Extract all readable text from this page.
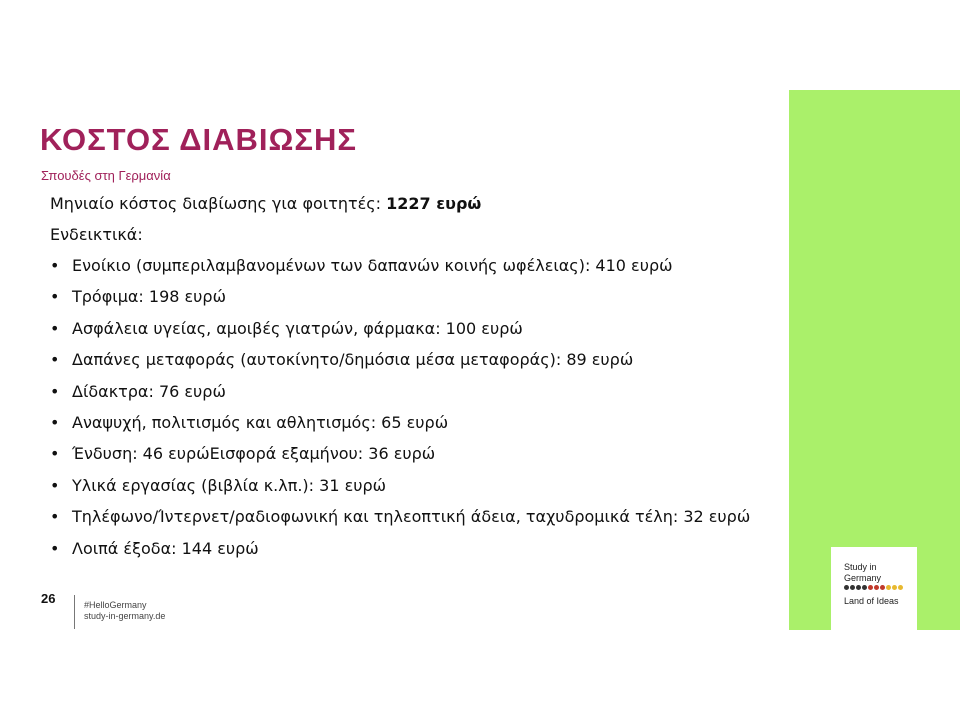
ΚΟΣΤΟΣ ΔΙΑΒΙΩΣΗΣ
Σπουδές στη Γερμανία
Μηνιαίο κόστος διαβίωσης για φοιτητές: 1227 ευρώ
Ενδεικτικά:
• Ενοίκιο (συμπεριλαμβανομένων των δαπανών κοινής ωφέλειας): 410 ευρώ
• Τρόφιμα: 198 ευρώ
• Ασφάλεια υγείας, αμοιβές γιατρών, φάρμακα: 100 ευρώ
• Δαπάνες μεταφοράς (αυτοκίνητο/δημόσια μέσα μεταφοράς): 89 ευρώ
• Δίδακτρα: 76 ευρώ
• Αναψυχή, πολιτισμός και αθλητισμός: 65 ευρώ
• Ένδυση: 46 ευρώΕισφορά εξαμήνου: 36 ευρώ
• Υλικά εργασίας (βιβλία κ.λπ.): 31 ευρώ
• Τηλέφωνο/Ίντερνετ/ραδιοφωνική και τηλεοπτική άδεια, ταχυδρομικά τέλη: 32 ευρώ
• Λοιπά έξοδα: 144 ευρώ
26	#HelloGermany
study-in-germany.de
Study in
Germany
Land of Ideas
